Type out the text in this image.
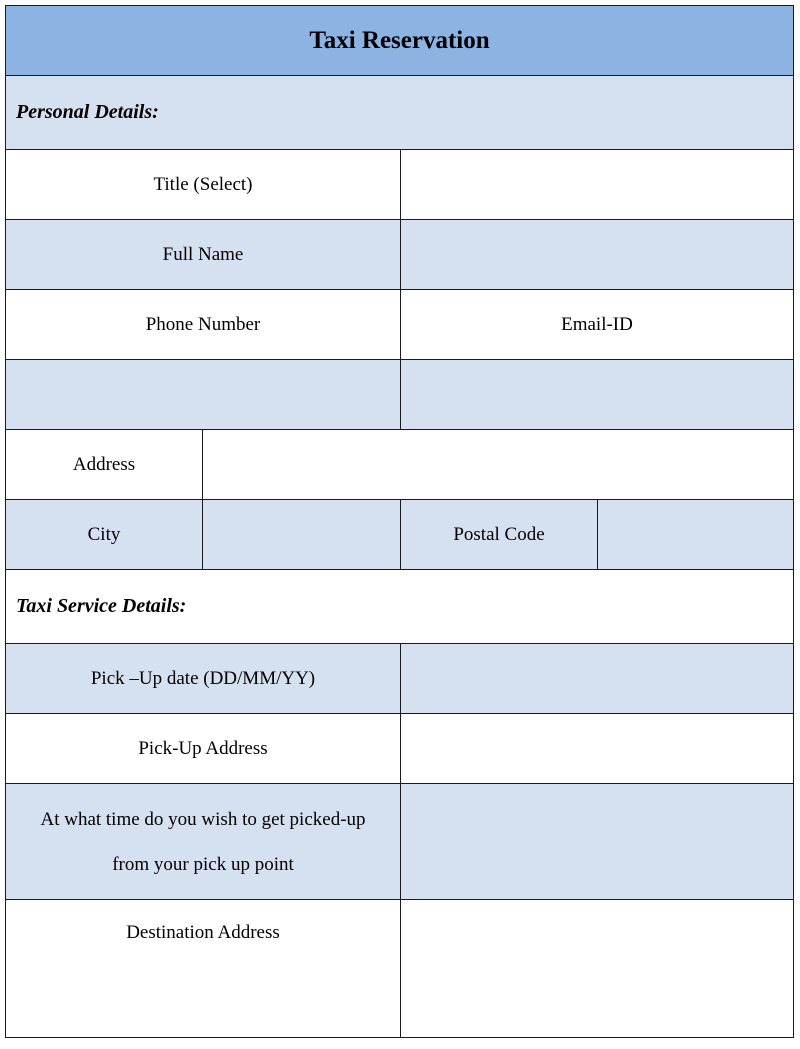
Taxi Reservation
Personal Details:
Title (Select)
Full Name
Phone Number	Email-ID
Address
City	Postal Code
Taxi Service Details:
Pick –Up date (DD/MM/YY)
Pick-Up Address
At what time do you wish to get picked-up
from your pick up point
Destination Address
